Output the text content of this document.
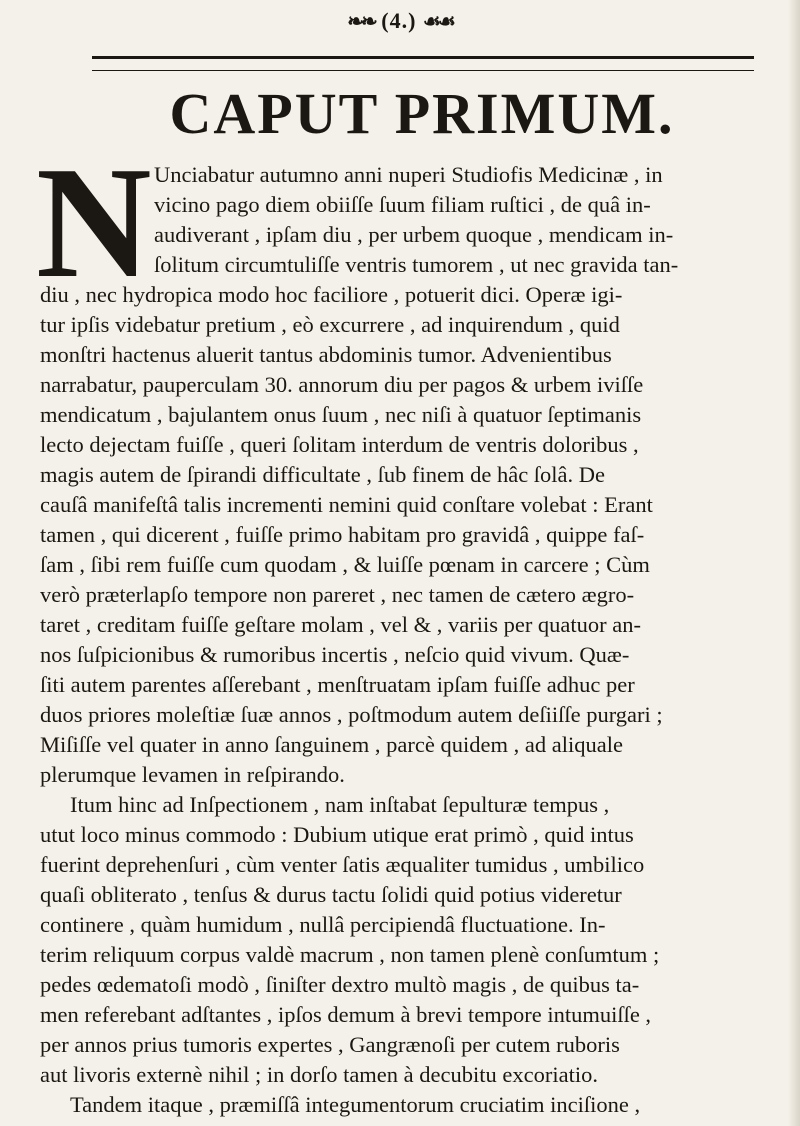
❧❧ (4.) ☙☙
CAPUT PRIMUM.
N Unciabatur autumno anni nuperi Studiofis Medicinæ , in
vicino pago diem obiiſſe ſuum filiam ruſtici , de quâ in-
audiverant , ipſam diu , per urbem quoque , mendicam in-
ſolitum circumtuliſſe ventris tumorem , ut nec gravida tan-
diu , nec hydropica modo hoc faciliore , potuerit dici. Operæ igi-
tur ipſis videbatur pretium , eò excurrere , ad inquirendum , quid
monſtri hactenus aluerit tantus abdominis tumor. Advenientibus
narrabatur, pauperculam 30. annorum diu per pagos & urbem iviſſe
mendicatum , bajulantem onus ſuum , nec niſi à quatuor ſeptimanis
lecto dejectam fuiſſe , queri ſolitam interdum de ventris doloribus ,
magis autem de ſpirandi difficultate , ſub finem de hâc ſolâ. De
cauſâ manifeſtâ talis incrementi nemini quid conſtare volebat : Erant
tamen , qui dicerent , fuiſſe primo habitam pro gravidâ , quippe faſ-
ſam , ſibi rem fuiſſe cum quodam , & luiſſe pœnam in carcere ; Cùm
verò præterlapſo tempore non pareret , nec tamen de cætero ægro-
taret , creditam fuiſſe geſtare molam , vel & , variis per quatuor an-
nos ſuſpicionibus & rumoribus incertis , neſcio quid vivum. Quæ-
ſiti autem parentes aſſerebant , menſtruatam ipſam fuiſſe adhuc per
duos priores moleſtiæ ſuæ annos , poſtmodum autem deſiiſſe purgari ;
Miſiſſe vel quater in anno ſanguinem , parcè quidem , ad aliquale
plerumque levamen in reſpirando.
Itum hinc ad Inſpectionem , nam inſtabat ſepulturæ tempus ,
utut loco minus commodo : Dubium utique erat primò , quid intus
fuerint deprehenſuri , cùm venter ſatis æqualiter tumidus , umbilico
quaſi obliterato , tenſus & durus tactu ſolidi quid potius videretur
continere , quàm humidum , nullâ percipiendâ fluctuatione. In-
terim reliquum corpus valdè macrum , non tamen plenè conſumtum ;
pedes œdematoſi modò , ſiniſter dextro multò magis , de quibus ta-
men referebant adſtantes , ipſos demum à brevi tempore intumuiſſe ,
per annos prius tumoris expertes , Gangrænoſi per cutem ruboris
aut livoris externè nihil ; in dorſo tamen à decubitu excoriatio.
Tandem itaque , præmiſſâ integumentorum cruciatim inciſione ,
